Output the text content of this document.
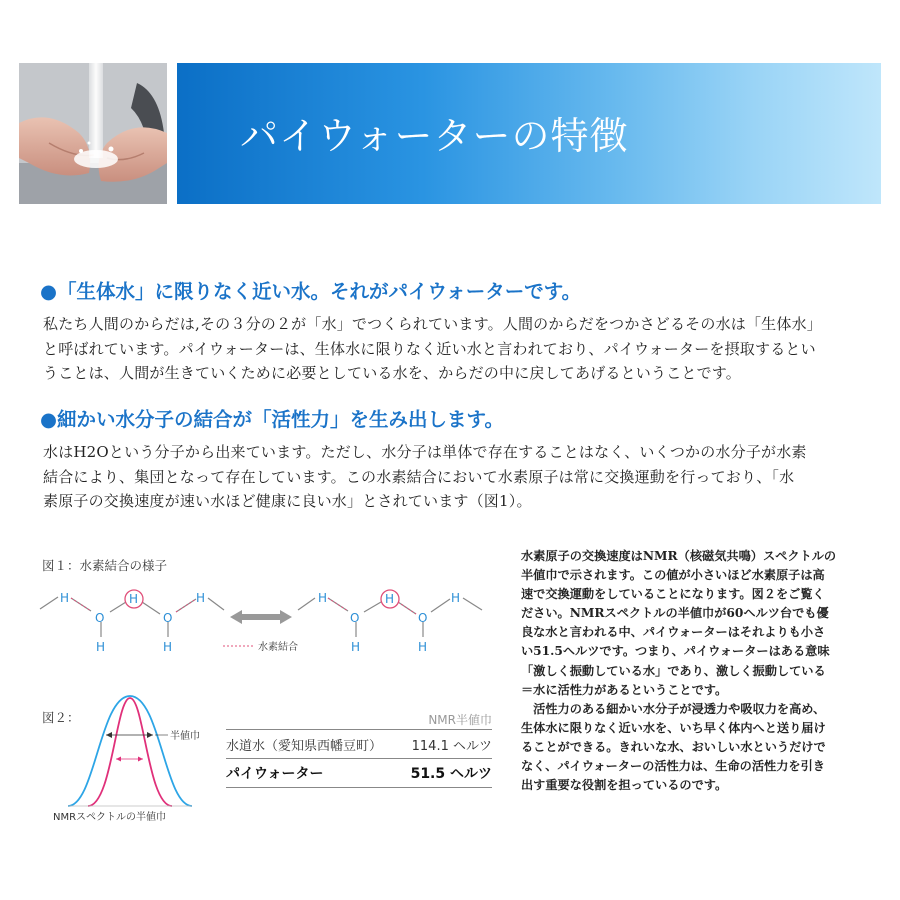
パイウォーターの特徴
●「生体水」に限りなく近い水。それがパイウォーターです。

私たち人間のからだは,その３分の２が「水」でつくられています。人間のからだをつかさどるその水は「生体水」

と呼ばれています。パイウォーターは、生体水に限りなく近い水と言われており、パイウォーターを摂取するとい

うことは、人間が生きていくために必要としている水を、からだの中に戻してあげるということです。

●細かい水分子の結合が「活性力」を生み出します。

水はH2Oという分子から出来ています。ただし、水分子は単体で存在することはなく、いくつかの水分子が水素

結合により、集団となって存在しています。この水素結合において水素原子は常に交換運動を行っており、「水

素原子の交換速度が速い水ほど健康に良い水」とされています（図1）。

図１：水素結合の様子
H
O
H
H
O
H
H	H
O
H
H
O
H
H
水素結合
図２：
半値巾
NMRスペクトルの半値巾
NMR半値巾
水道水（愛知県西幡豆町） 114.1 ヘルツ
パイウォーター	51.5 ヘルツ

水素原子の交換速度はNMR（核磁気共鳴）スペクトルの

半値巾で示されます。この値が小さいほど水素原子は高

速で交換運動をしていることになります。図２をご覧く

ださい。NMRスペクトルの半値巾が60ヘルツ台でも優

良な水と言われる中、パイウォーターはそれよりも小さ

い51.5ヘルツです。つまり、パイウォーターはある意味

「激しく振動している水」であり、激しく振動している

＝水に活性力があるということです。

　活性力のある細かい水分子が浸透力や吸収力を高め、

生体水に限りなく近い水を、いち早く体内へと送り届け

ることができる。きれいな水、おいしい水というだけで

なく、パイウォーターの活性力は、生命の活性力を引き

出す重要な役割を担っているのです。
